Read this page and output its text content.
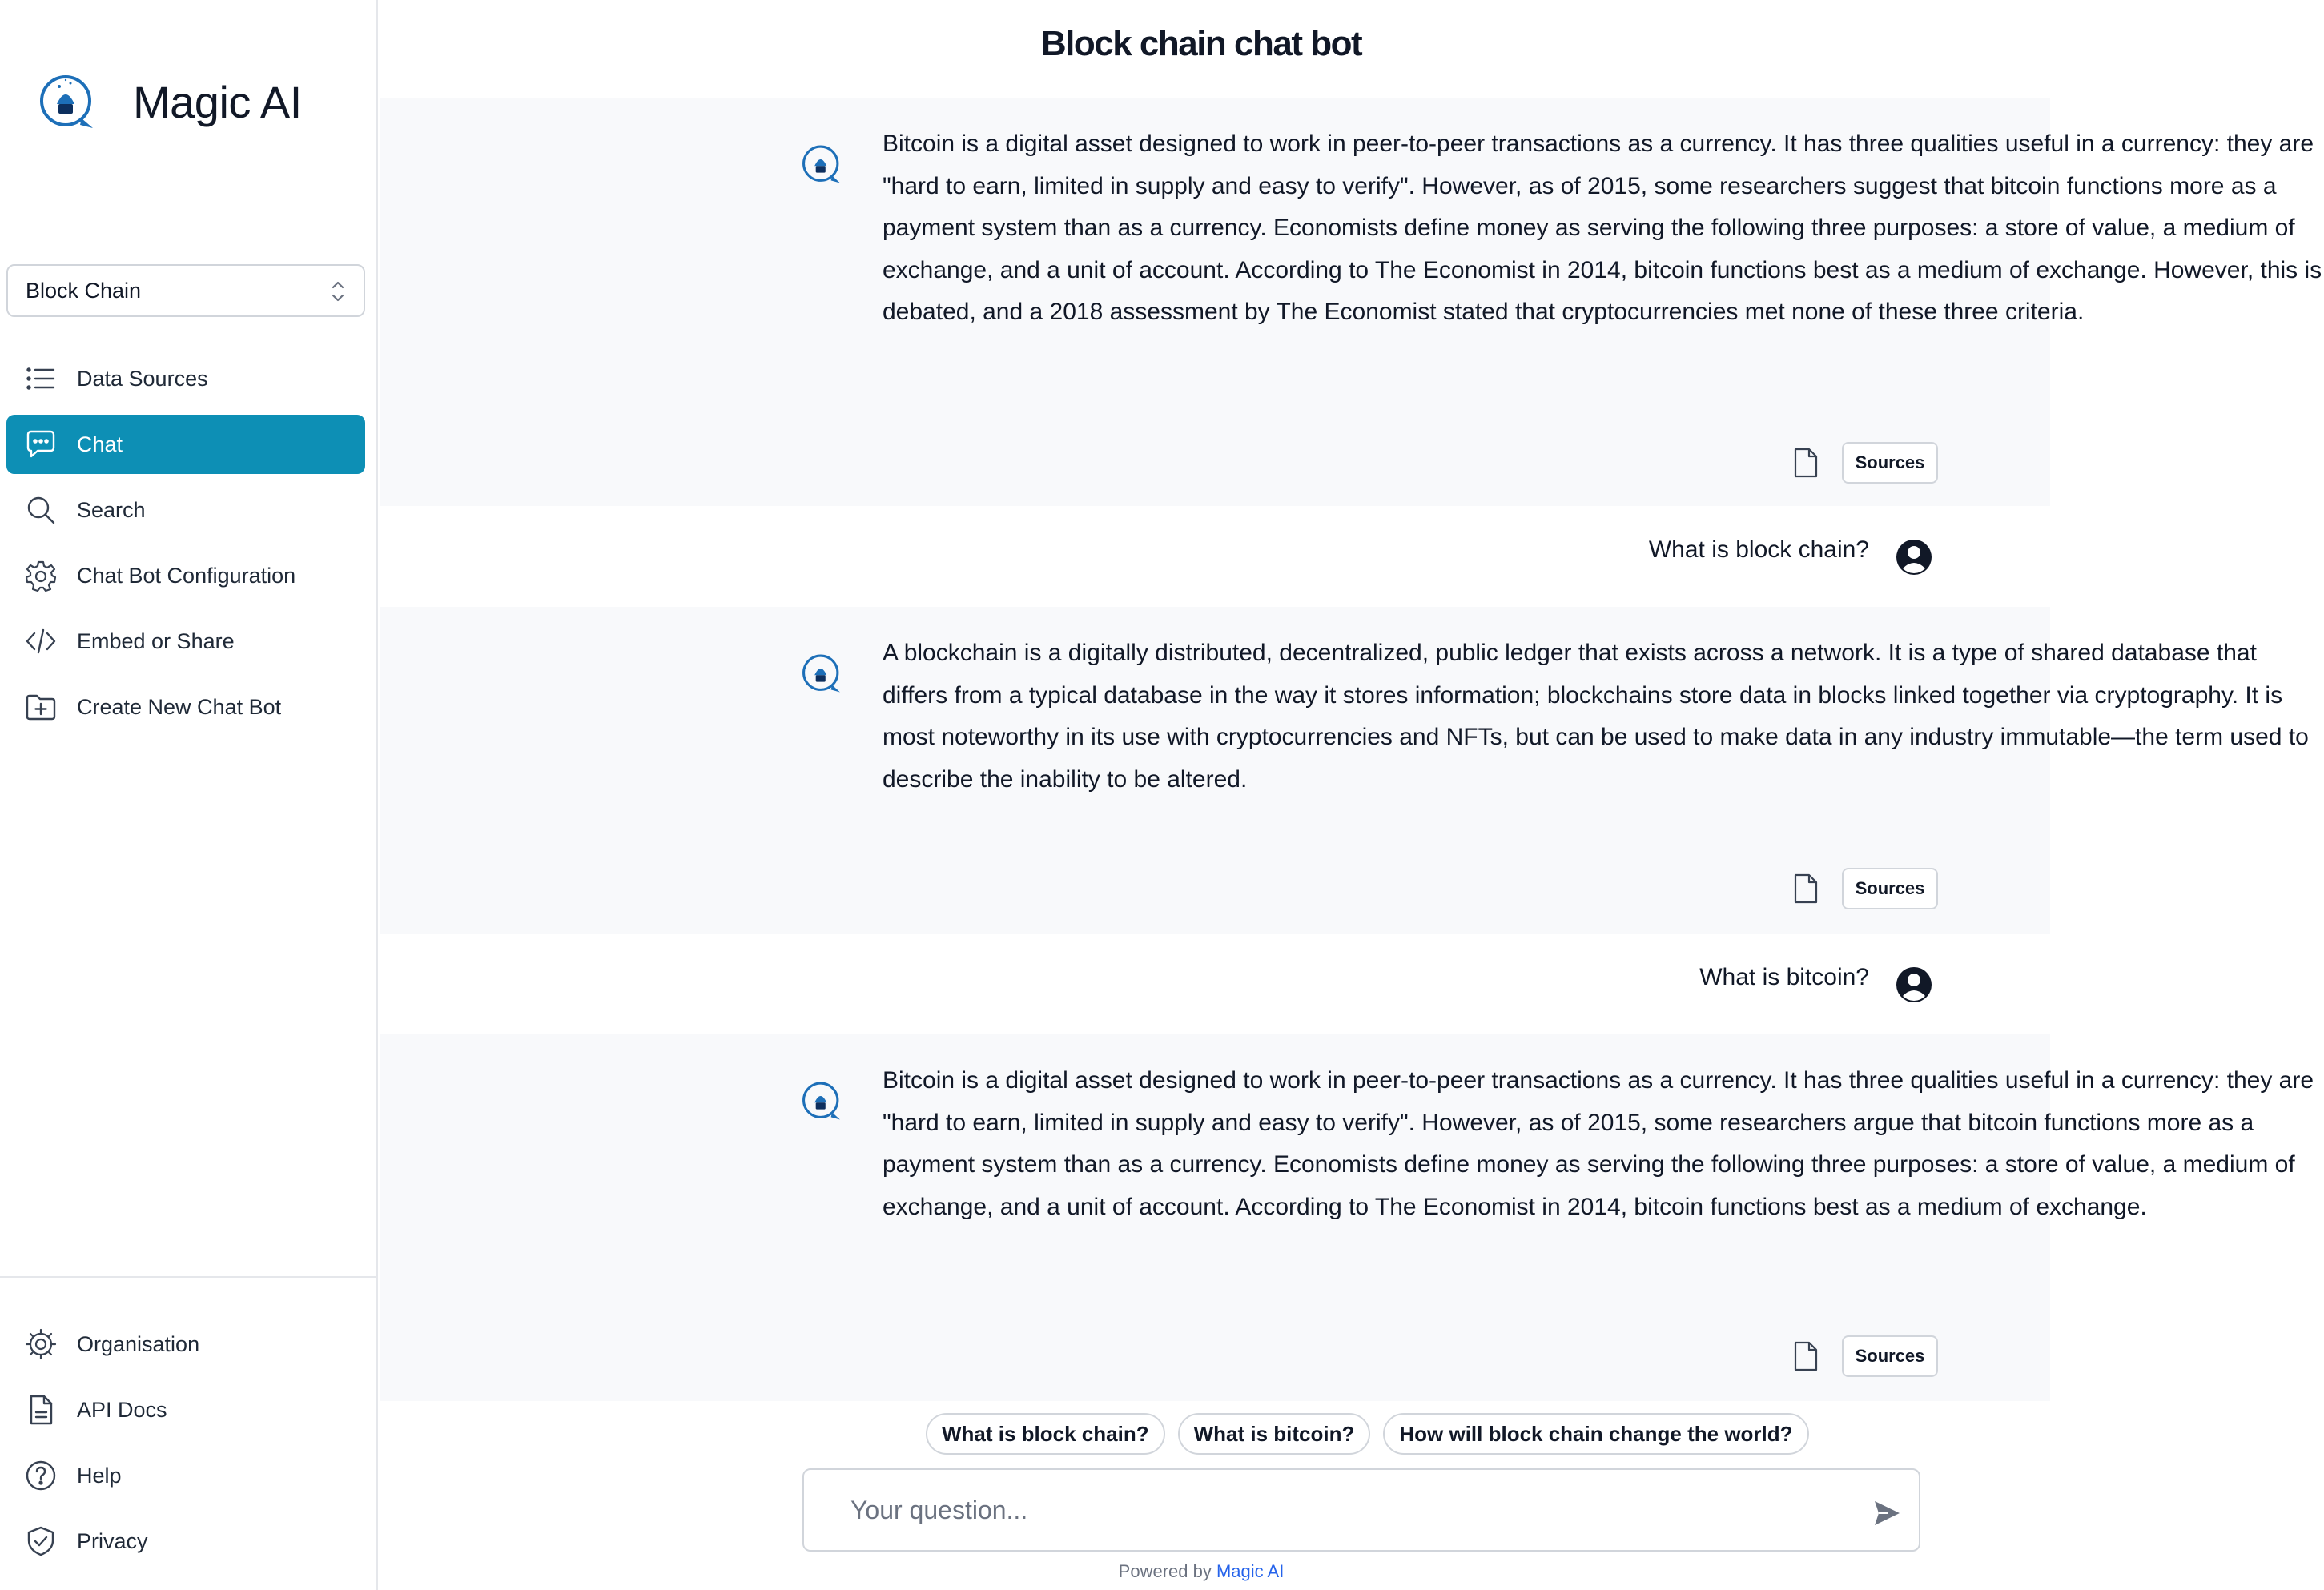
Magic AI
Block Chain
Data Sources
Chat
Search
Chat Bot Configuration
Embed or Share
Create New Chat Bot
Organisation
API Docs
Help
Privacy
Block chain chat bot

Bitcoin is a digital asset designed to work in peer-to-peer transactions as a currency. It has three qualities useful in a currency: they are "hard to earn, limited in supply and easy to verify". However, as of 2015, some researchers suggest that bitcoin functions more as a payment system than as a currency. Economists define money as serving the following three purposes: a store of value, a medium of exchange, and a unit of account. According to The Economist in 2014, bitcoin functions best as a medium of exchange. However, this is debated, and a 2018 assessment by The Economist stated that cryptocurrencies met none of these three criteria.

Sources
What is block chain?

A blockchain is a digitally distributed, decentralized, public ledger that exists across a network. It is a type of shared database that differs from a typical database in the way it stores information; blockchains store data in blocks linked together via cryptography. It is most noteworthy in its use with cryptocurrencies and NFTs, but can be used to make data in any industry immutable—the term used to describe the inability to be altered.

Sources
What is bitcoin?

Bitcoin is a digital asset designed to work in peer-to-peer transactions as a currency. It has three qualities useful in a currency: they are "hard to earn, limited in supply and easy to verify". However, as of 2015, some researchers argue that bitcoin functions more as a payment system than as a currency. Economists define money as serving the following three purposes: a store of value, a medium of exchange, and a unit of account. According to The Economist in 2014, bitcoin functions best as a medium of exchange.

Sources
What is block chain?	What is bitcoin?	How will block chain change the world?
Your question...
Powered by Magic AI
